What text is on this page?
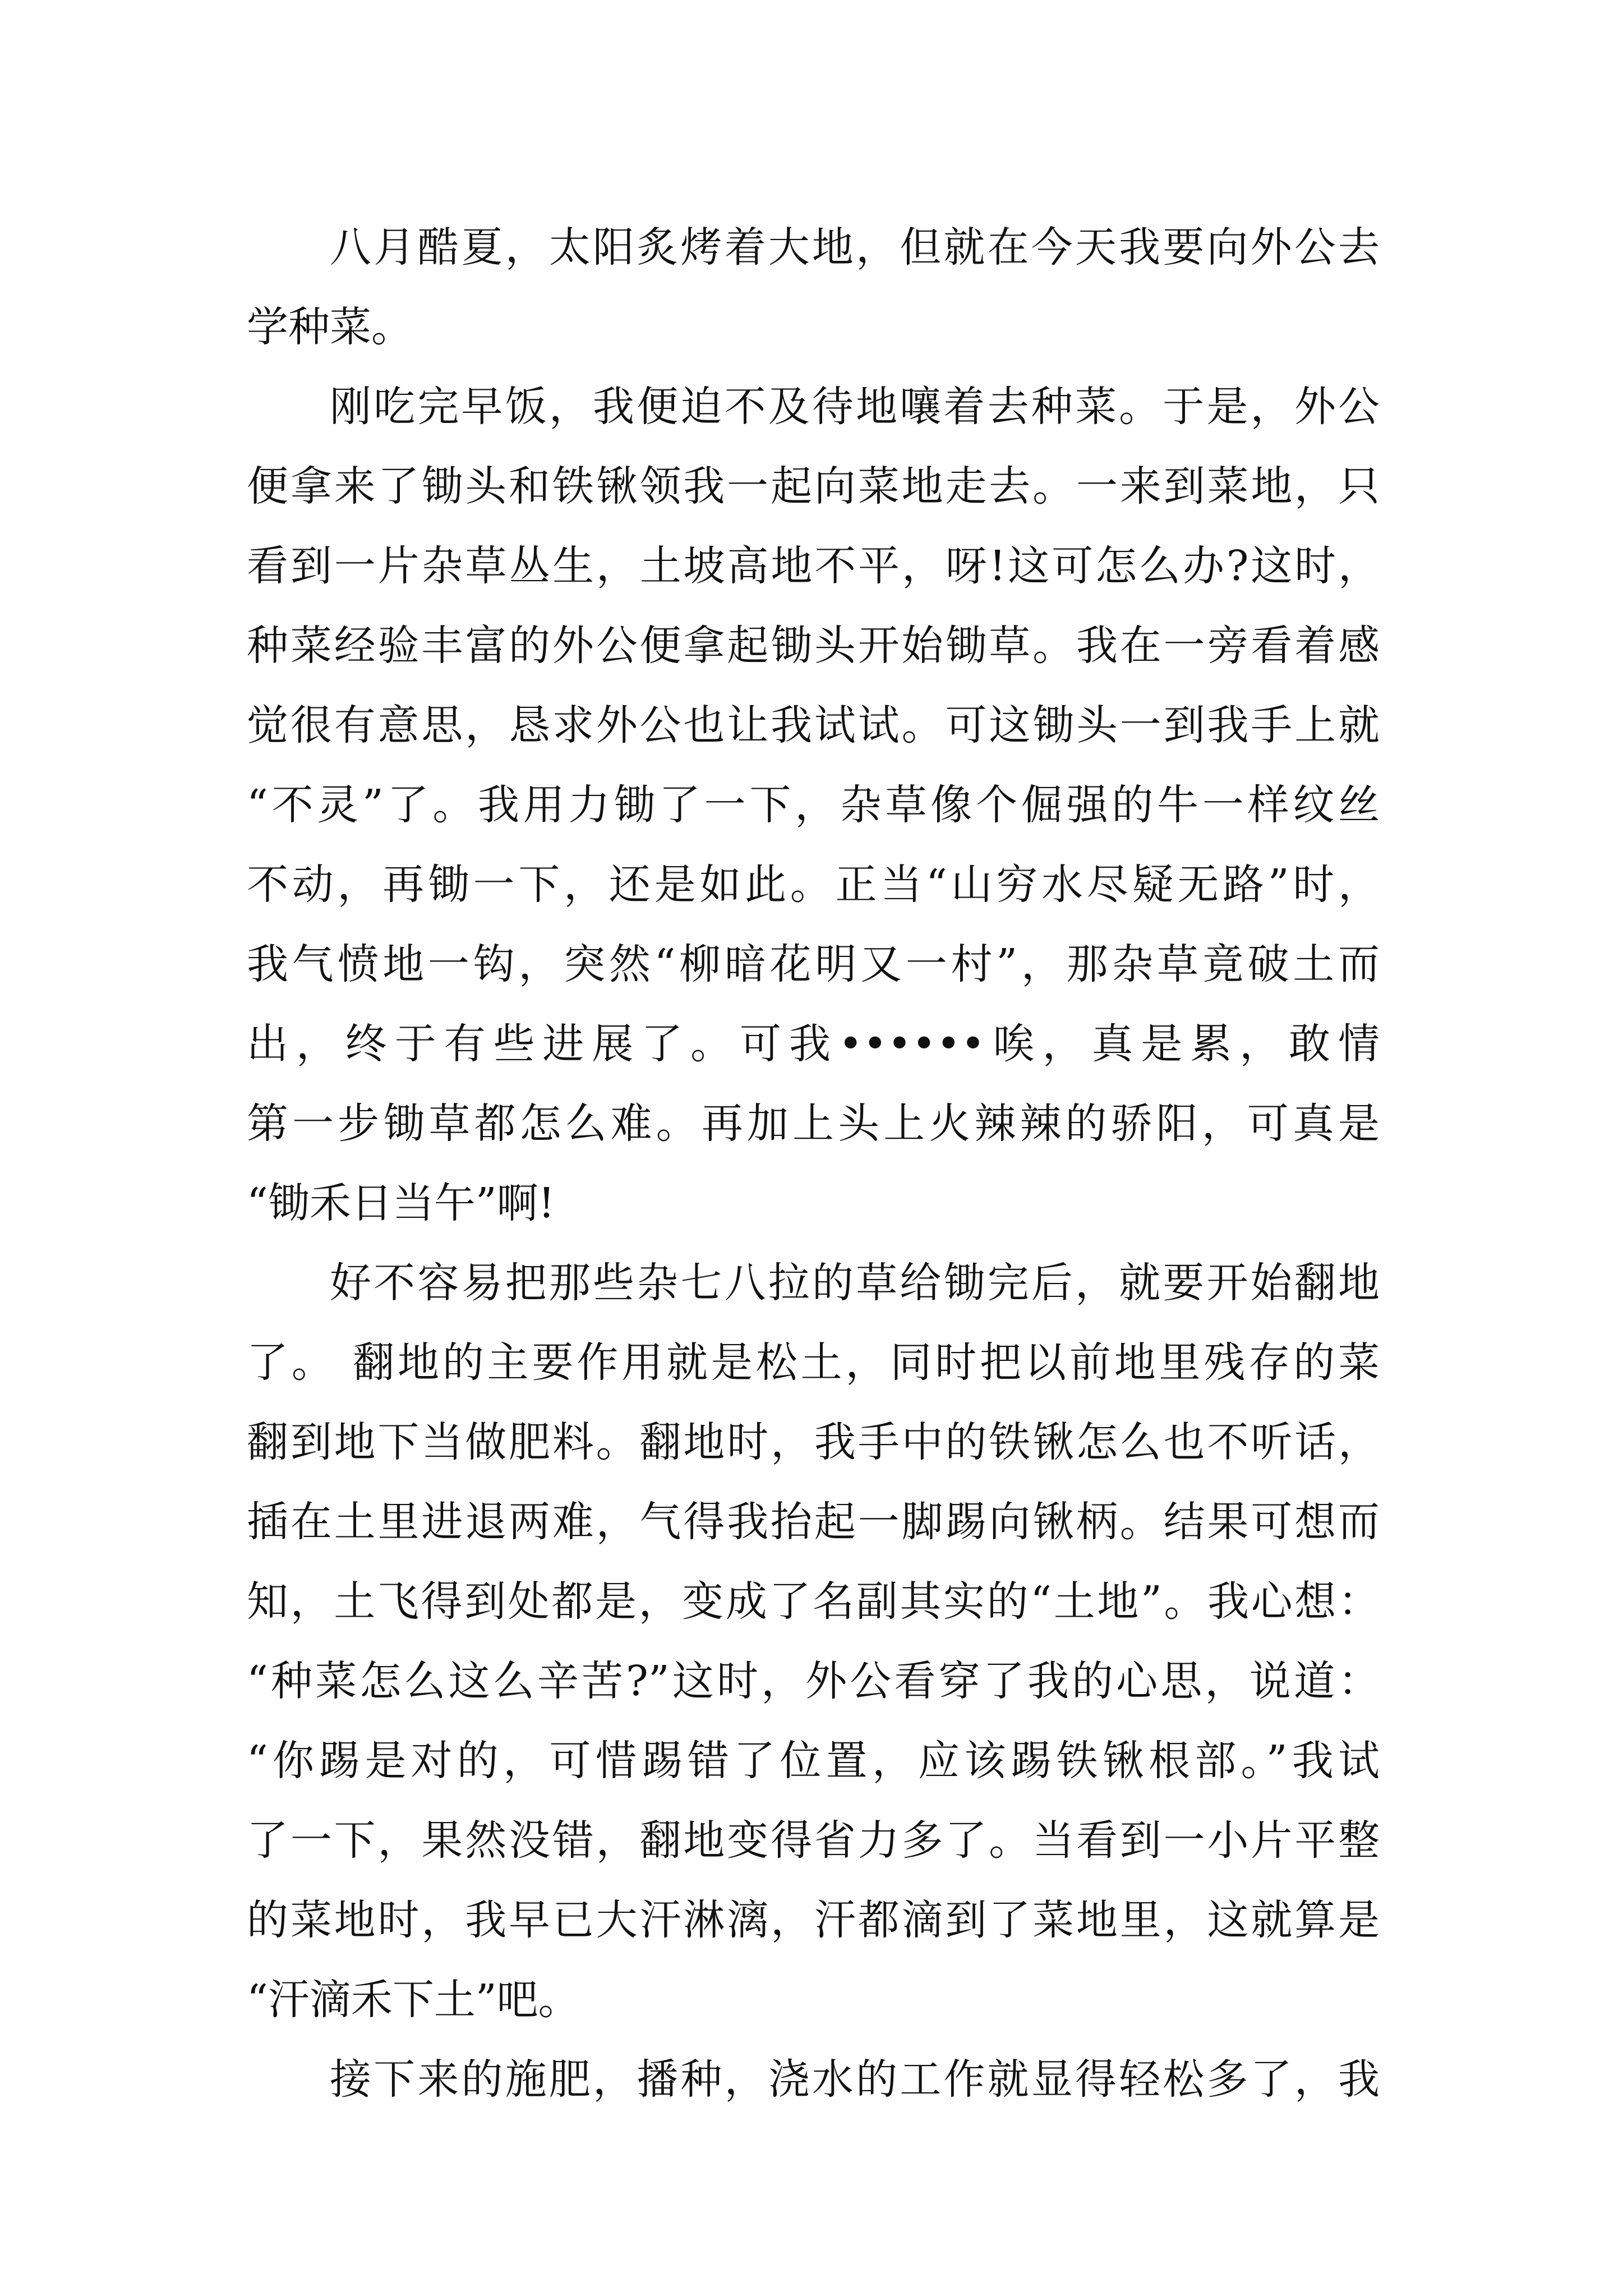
八月酷夏，太阳炙烤着大地，但就在今天我要向外公去
学种菜。
刚吃完早饭，我便迫不及待地嚷着去种菜。于是，外公
便拿来了锄头和铁锹领我一起向菜地走去。一来到菜地，只
看到一片杂草丛生，土坡高地不平，呀!这可怎么办?这时，
种菜经验丰富的外公便拿起锄头开始锄草。我在一旁看着感
觉很有意思，恳求外公也让我试试。可这锄头一到我手上就
“不灵”了。我用力锄了一下，杂草像个倔强的牛一样纹丝
不动，再锄一下，还是如此。正当“山穷水尽疑无路”时，
我气愤地一钩，突然“柳暗花明又一村”，那杂草竟破土而
出，终于有些进展了。可我••••••唉，真是累，敢情
第一步锄草都怎么难。再加上头上火辣辣的骄阳，可真是
“锄禾日当午”啊!
好不容易把那些杂七八拉的草给锄完后，就要开始翻地
了。 翻地的主要作用就是松土，同时把以前地里残存的菜
翻到地下当做肥料。翻地时，我手中的铁锹怎么也不听话，
插在土里进退两难，气得我抬起一脚踢向锹柄。结果可想而
知，土飞得到处都是，变成了名副其实的“土地”。我心想：
“种菜怎么这么辛苦?”这时，外公看穿了我的心思，说道：
“你踢是对的，可惜踢错了位置，应该踢铁锹根部。”我试
了一下，果然没错，翻地变得省力多了。当看到一小片平整
的菜地时，我早已大汗淋漓，汗都滴到了菜地里，这就算是
“汗滴禾下土”吧。
接下来的施肥，播种，浇水的工作就显得轻松多了，我
